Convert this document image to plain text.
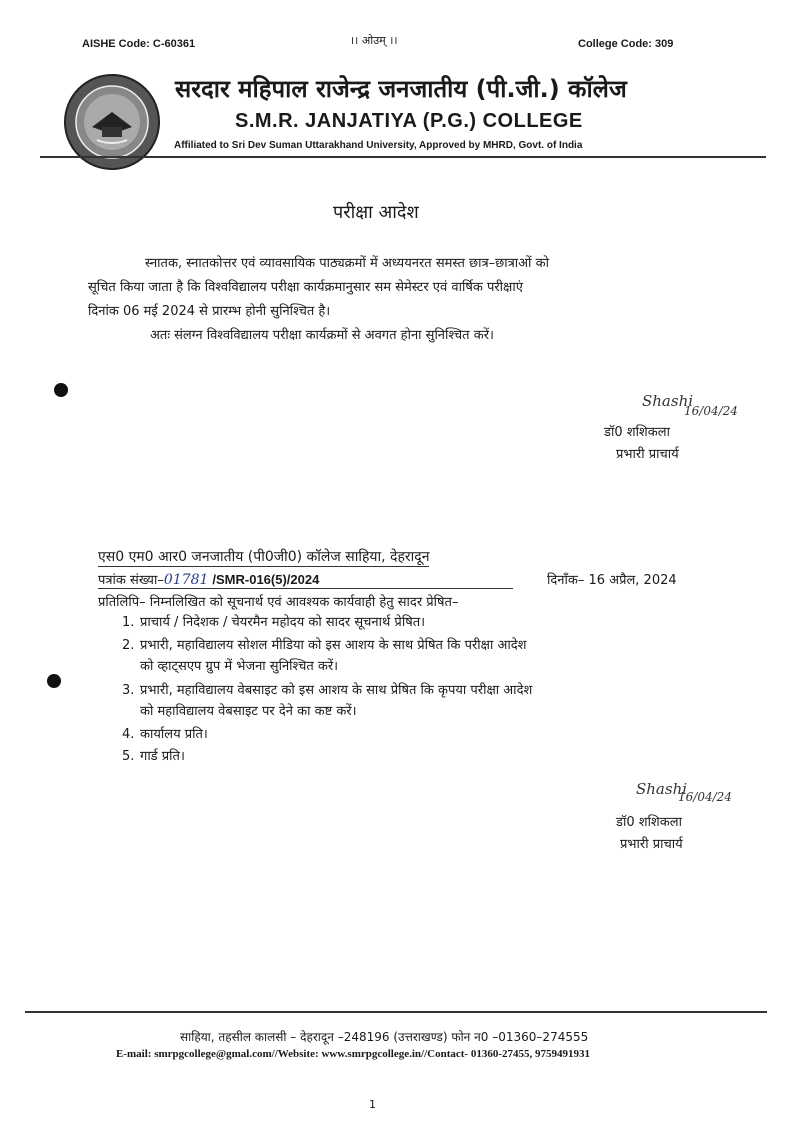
AISHE Code: C-60361	।। ओउम् ।।	College Code: 309
सरदार महिपाल राजेन्द्र जनजातीय (पी.जी.) कॉलेज
S.M.R. JANJATIYA (P.G.) COLLEGE
Affiliated to Sri Dev Suman Uttarakhand University, Approved by MHRD, Govt. of India
परीक्षा आदेश
स्नातक, स्नातकोत्तर एवं व्यावसायिक पाठ्यक्रमों में अध्ययनरत समस्त छात्र–छात्राओं को
सूचित किया जाता है कि विश्वविद्यालय परीक्षा कार्यक्रमानुसार सम सेमेस्टर एवं वार्षिक परीक्षाएं
दिनांक 06 मई 2024 से प्रारम्भ होनी सुनिश्चित है।
अतः संलग्न विश्वविद्यालय परीक्षा कार्यक्रमों से अवगत होना सुनिश्चित करें।
Shashi
16/04/24
डॉ0 शशिकला
प्रभारी प्राचार्य
एस0 एम0 आर0 जनजातीय (पी0जी0) कॉलेज साहिया, देहरादून
पत्रांक संख्या–01781 /SMR-016(5)/2024	दिनाँक– 16 अप्रैल, 2024
प्रतिलिपि– निम्नलिखित को सूचनार्थ एवं आवश्यक कार्यवाही हेतु सादर प्रेषित–
1. प्राचार्य / निदेशक / चेयरमैन महोदय को सादर सूचनार्थ प्रेषित।
2. प्रभारी, महाविद्यालय सोशल मीडिया को इस आशय के साथ प्रेषित कि परीक्षा आदेश
को व्हाट्सएप ग्रुप में भेजना सुनिश्चित करें।
3. प्रभारी, महाविद्यालय वेबसाइट को इस आशय के साथ प्रेषित कि कृपया परीक्षा आदेश
को महाविद्यालय वेबसाइट पर देने का कष्ट करें।
4. कार्यालय प्रति।
5. गार्ड प्रति।
Shashi
16/04/24
डॉ0 शशिकला
प्रभारी प्राचार्य
साहिया, तहसील कालसी – देहरादून –248196 (उत्तराखण्ड) फोन न0 –01360–274555
E-mail: smrpgcollege@gmal.com//Website: www.smrpgcollege.in//Contact- 01360-27455, 9759491931
1
